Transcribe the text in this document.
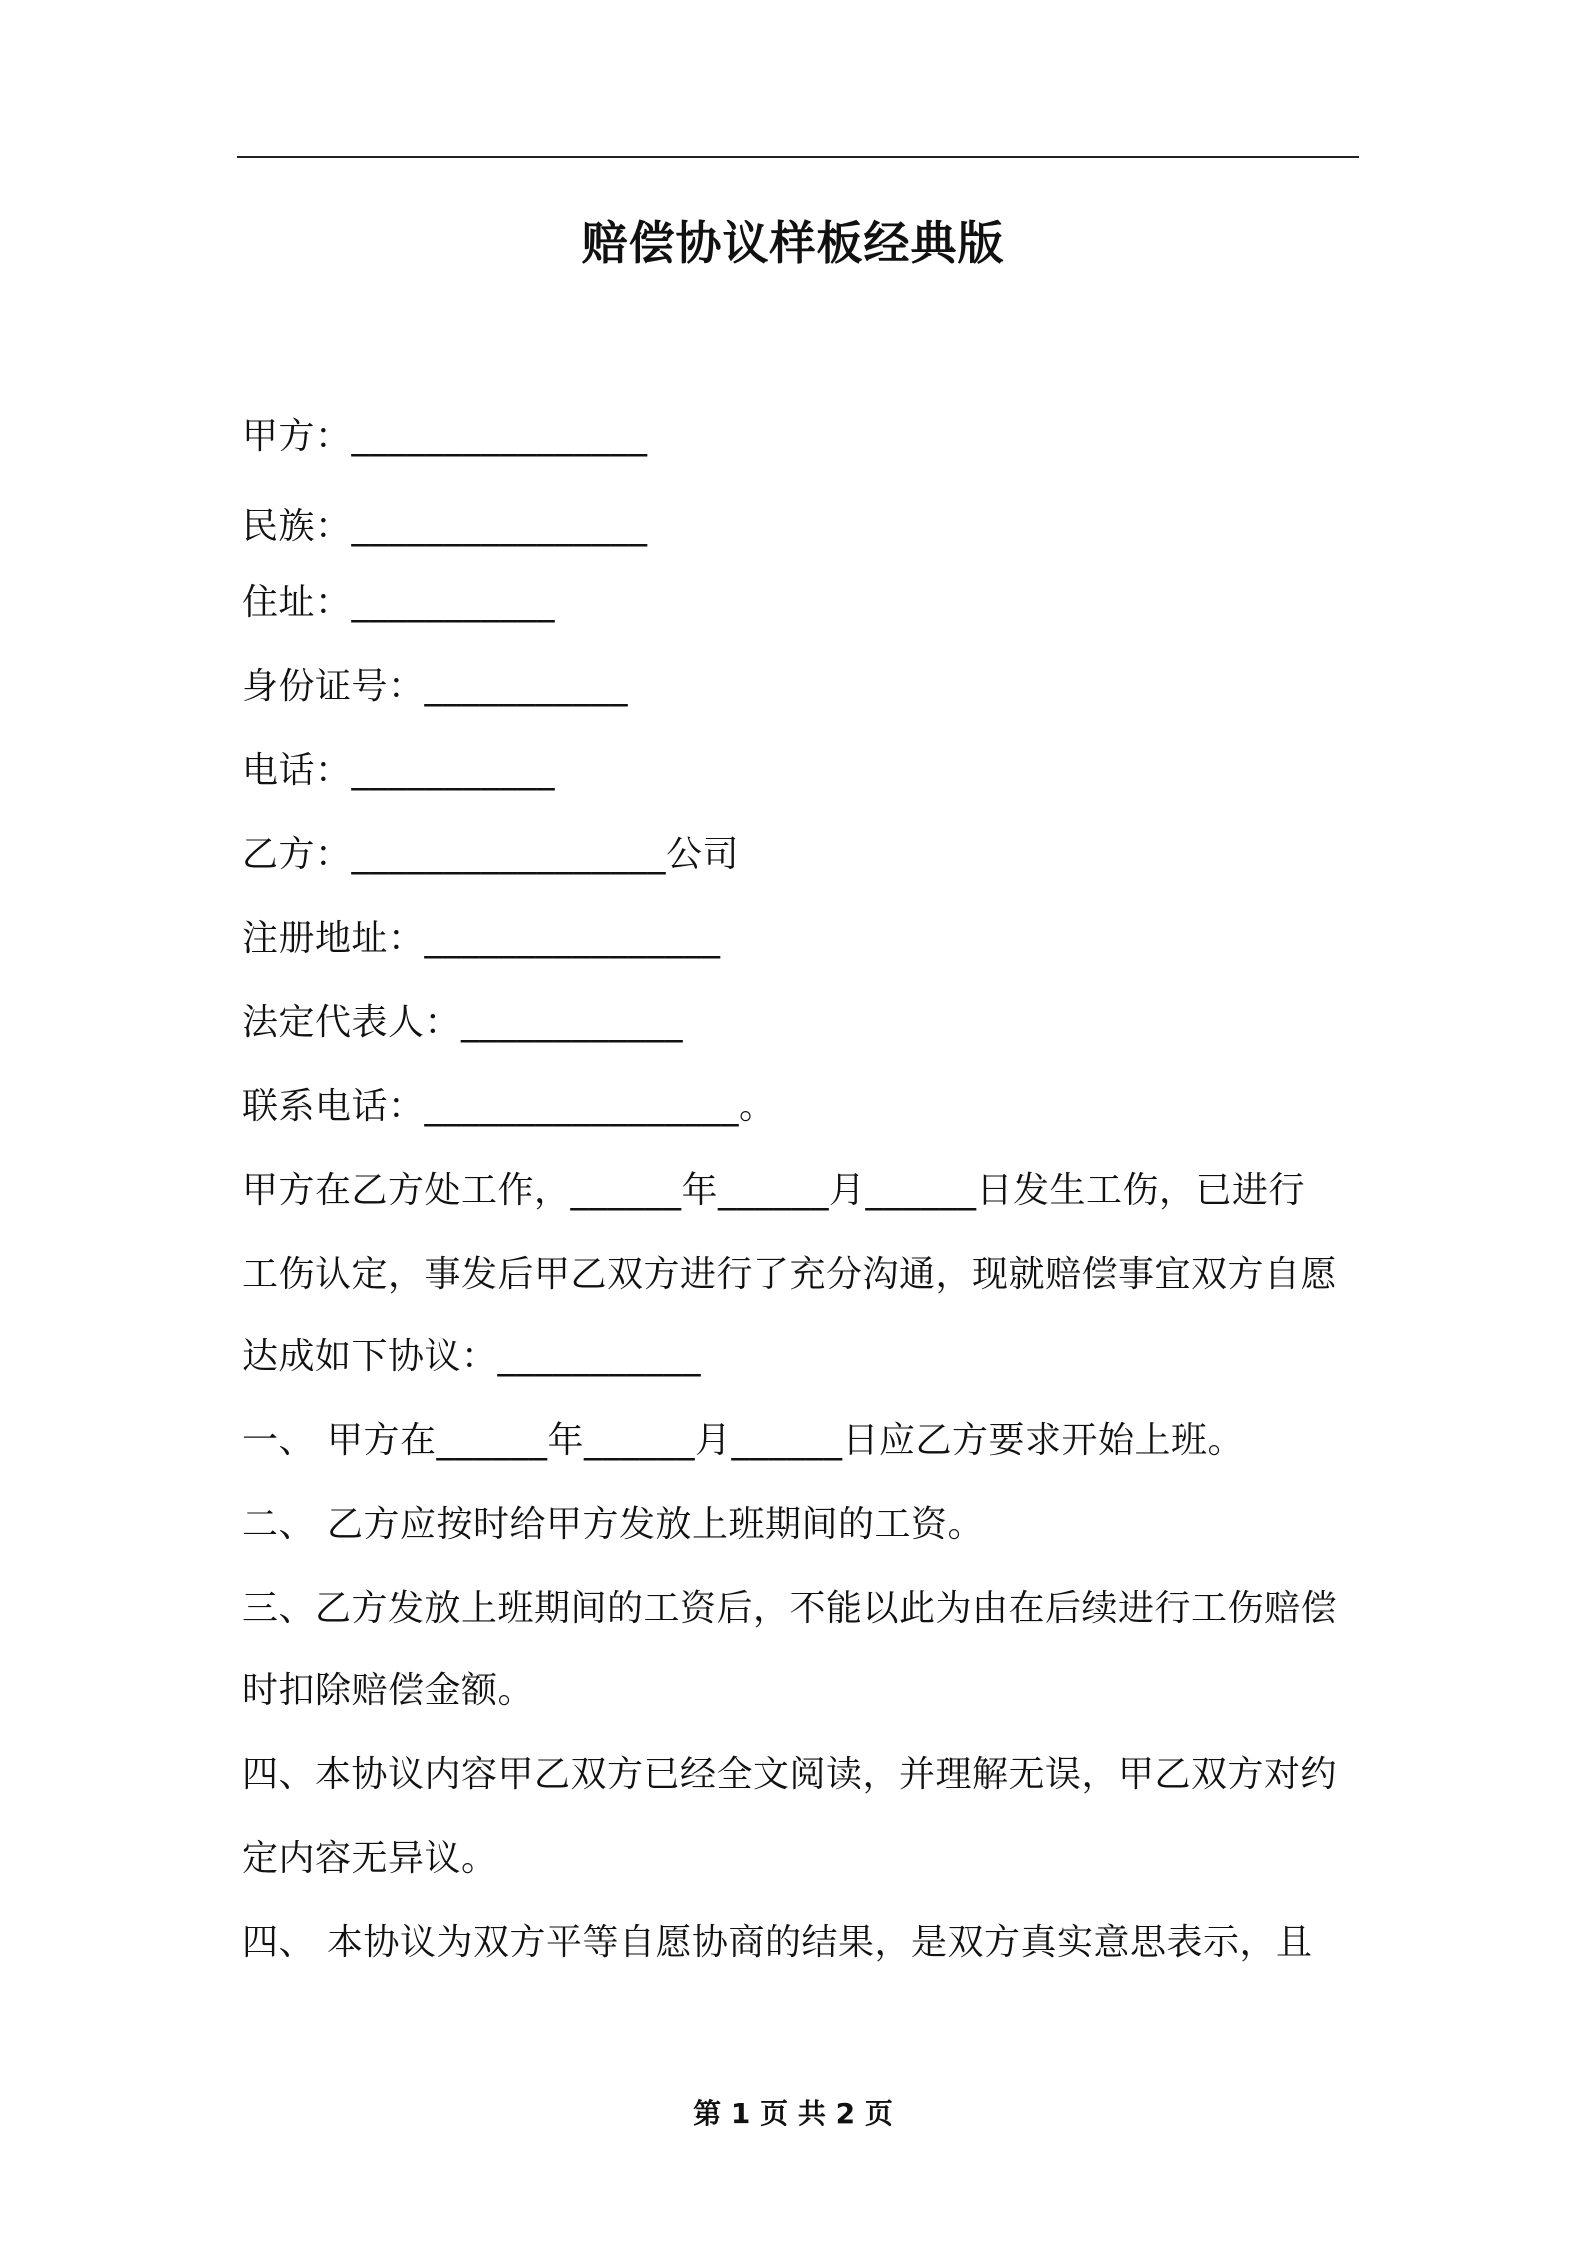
赔偿协议样板经典版
甲方：________________
民族：________________
住址：___________
身份证号：___________
电话：___________
乙方：_________________公司
注册地址：________________
法定代表人：____________
联系电话：_________________。
甲方在乙方处工作，______年______月______日发生工伤，已进行
工伤认定，事发后甲乙双方进行了充分沟通，现就赔偿事宜双方自愿
达成如下协议：___________
一、 甲方在______年______月______日应乙方要求开始上班。
二、 乙方应按时给甲方发放上班期间的工资。
三、乙方发放上班期间的工资后，不能以此为由在后续进行工伤赔偿
时扣除赔偿金额。
四、本协议内容甲乙双方已经全文阅读，并理解无误，甲乙双方对约
定内容无异议。
四、 本协议为双方平等自愿协商的结果，是双方真实意思表示，且
第 1 页 共 2 页
